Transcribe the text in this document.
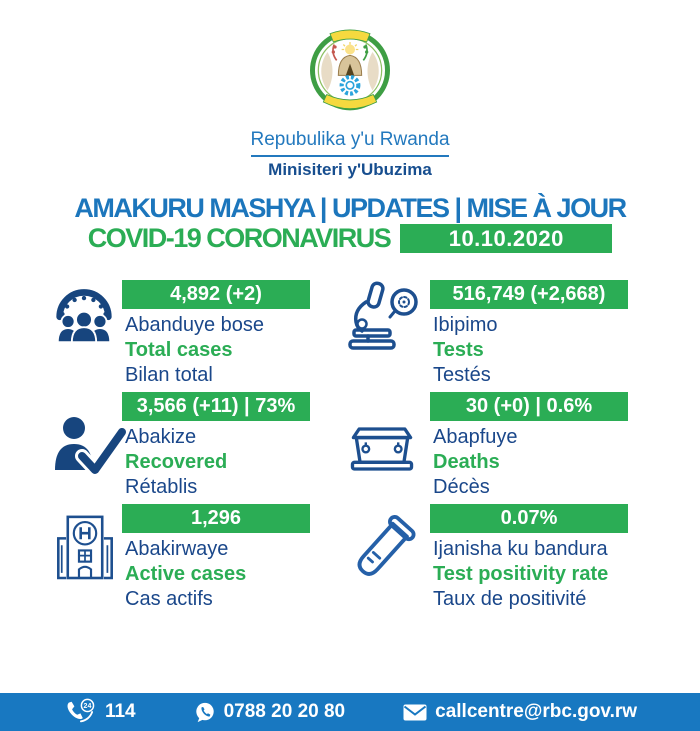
Repubulika y'u Rwanda
Minisiteri y'Ubuzima
AMAKURU MASHYA | UPDATES | MISE À JOUR
COVID-19 CORONAVIRUS	10.10.2020
4,892 (+2)
Abanduye bose
Total cases
Bilan total
3,566 (+11) | 73%
Abakize
Recovered
Rétablis
1,296
Abakirwaye
Active cases
Cas actifs
516,749 (+2,668)
Ibipimo
Tests
Testés
30 (+0) | 0.6%
Abapfuye
Deaths
Décès
0.07%
Ijanisha ku bandura
Test positivity rate
Taux de positivité
24 114	0788 20 20 80	callcentre@rbc.gov.rw
